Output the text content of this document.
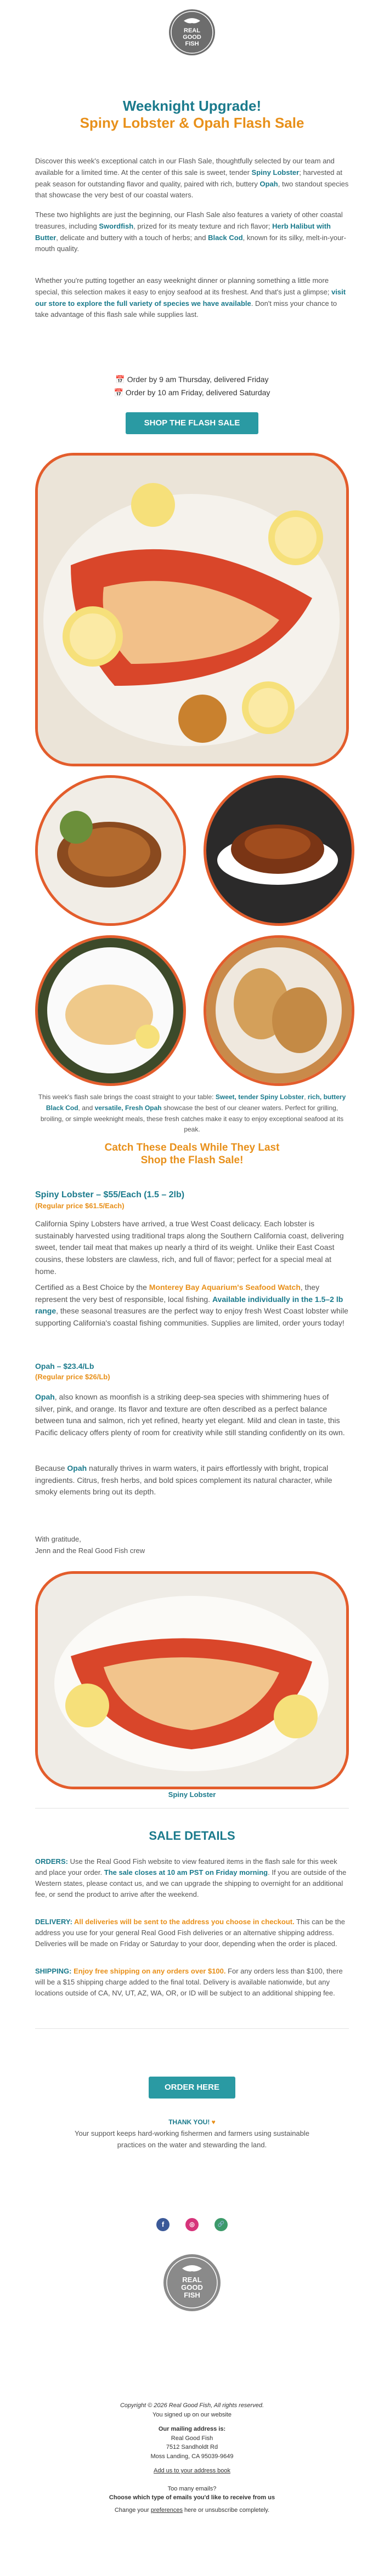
REAL
GOOD
FISH
Weeknight Upgrade!
Spiny Lobster & Opah Flash Sale
Discover this week's exceptional catch in our Flash Sale, thoughtfully selected by our team and available for a limited time. At the center of this sale is sweet, tender Spiny Lobster; harvested at peak season for outstanding flavor and quality, paired with rich, buttery Opah, two standout species that showcase the very best of our coastal waters.
These two highlights are just the beginning, our Flash Sale also features a variety of other coastal treasures, including Swordfish, prized for its meaty texture and rich flavor; Herb Halibut with Butter, delicate and buttery with a touch of herbs; and Black Cod, known for its silky, melt-in-your-mouth quality.
Whether you're putting together an easy weeknight dinner or planning something a little more special, this selection makes it easy to enjoy seafood at its freshest. And that's just a glimpse; visit our store to explore the full variety of species we have available. Don't miss your chance to take advantage of this flash sale while supplies last.
📅 Order by 9 am Thursday, delivered Friday
📅 Order by 10 am Friday, delivered Saturday
SHOP THE FLASH SALE
This week's flash sale brings the coast straight to your table: Sweet, tender Spiny Lobster, rich, buttery Black Cod, and versatile, Fresh Opah showcase the best of our cleaner waters. Perfect for grilling, broiling, or simple weeknight meals, these fresh catches make it easy to enjoy exceptional seafood at its peak.
Catch These Deals While They Last
Shop the Flash Sale!
Spiny Lobster – $55/Each (1.5 – 2lb)
(Regular price $61.5/Each)
California Spiny Lobsters have arrived, a true West Coast delicacy. Each lobster is sustainably harvested using traditional traps along the Southern California coast, delivering sweet, tender tail meat that makes up nearly a third of its weight. Unlike their East Coast cousins, these lobsters are clawless, rich, and full of flavor; perfect for a special meal at home.
Certified as a Best Choice by the Monterey Bay Aquarium's Seafood Watch, they represent the very best of responsible, local fishing. Available individually in the 1.5–2 lb range, these seasonal treasures are the perfect way to enjoy fresh West Coast lobster while supporting California's coastal fishing communities. Supplies are limited, order yours today!
Opah – $23.4/Lb
(Regular price $26/Lb)
Opah, also known as moonfish is a striking deep-sea species with shimmering hues of silver, pink, and orange. Its flavor and texture are often described as a perfect balance between tuna and salmon, rich yet refined, hearty yet elegant. Mild and clean in taste, this Pacific delicacy offers plenty of room for creativity while still standing confidently on its own.
Because Opah naturally thrives in warm waters, it pairs effortlessly with bright, tropical ingredients. Citrus, fresh herbs, and bold spices complement its natural character, while smoky elements bring out its depth.
With gratitude,
Jenn and the Real Good Fish crew
Spiny Lobster
SALE DETAILS
ORDERS: Use the Real Good Fish website to view featured items in the flash sale for this week and place your order. The sale closes at 10 am PST on Friday morning. If you are outside of the Western states, please contact us, and we can upgrade the shipping to overnight for an additional fee, or send the product to arrive after the weekend.
DELIVERY: All deliveries will be sent to the address you choose in checkout. This can be the address you use for your general Real Good Fish deliveries or an alternative shipping address. Deliveries will be made on Friday or Saturday to your door, depending when the order is placed.
SHIPPING: Enjoy free shipping on any orders over $100. For any orders less than $100, there will be a $15 shipping charge added to the final total. Delivery is available nationwide, but any locations outside of CA, NV, UT, AZ, WA, OR, or ID will be subject to an additional shipping fee.
ORDER HERE
THANK YOU! ♥
Your support keeps hard-working fishermen and farmers using sustainable practices on the water and stewarding the land.
f	◎	🔗
REAL
GOOD
FISH
Copyright © 2026 Real Good Fish, All rights reserved.
You signed up on our website
Our mailing address is:
Real Good Fish
7512 Sandholdt Rd
Moss Landing, CA 95039-9649
Add us to your address book
Too many emails?
Choose which type of emails you'd like to receive from us
Change your preferences here or unsubscribe completely.
